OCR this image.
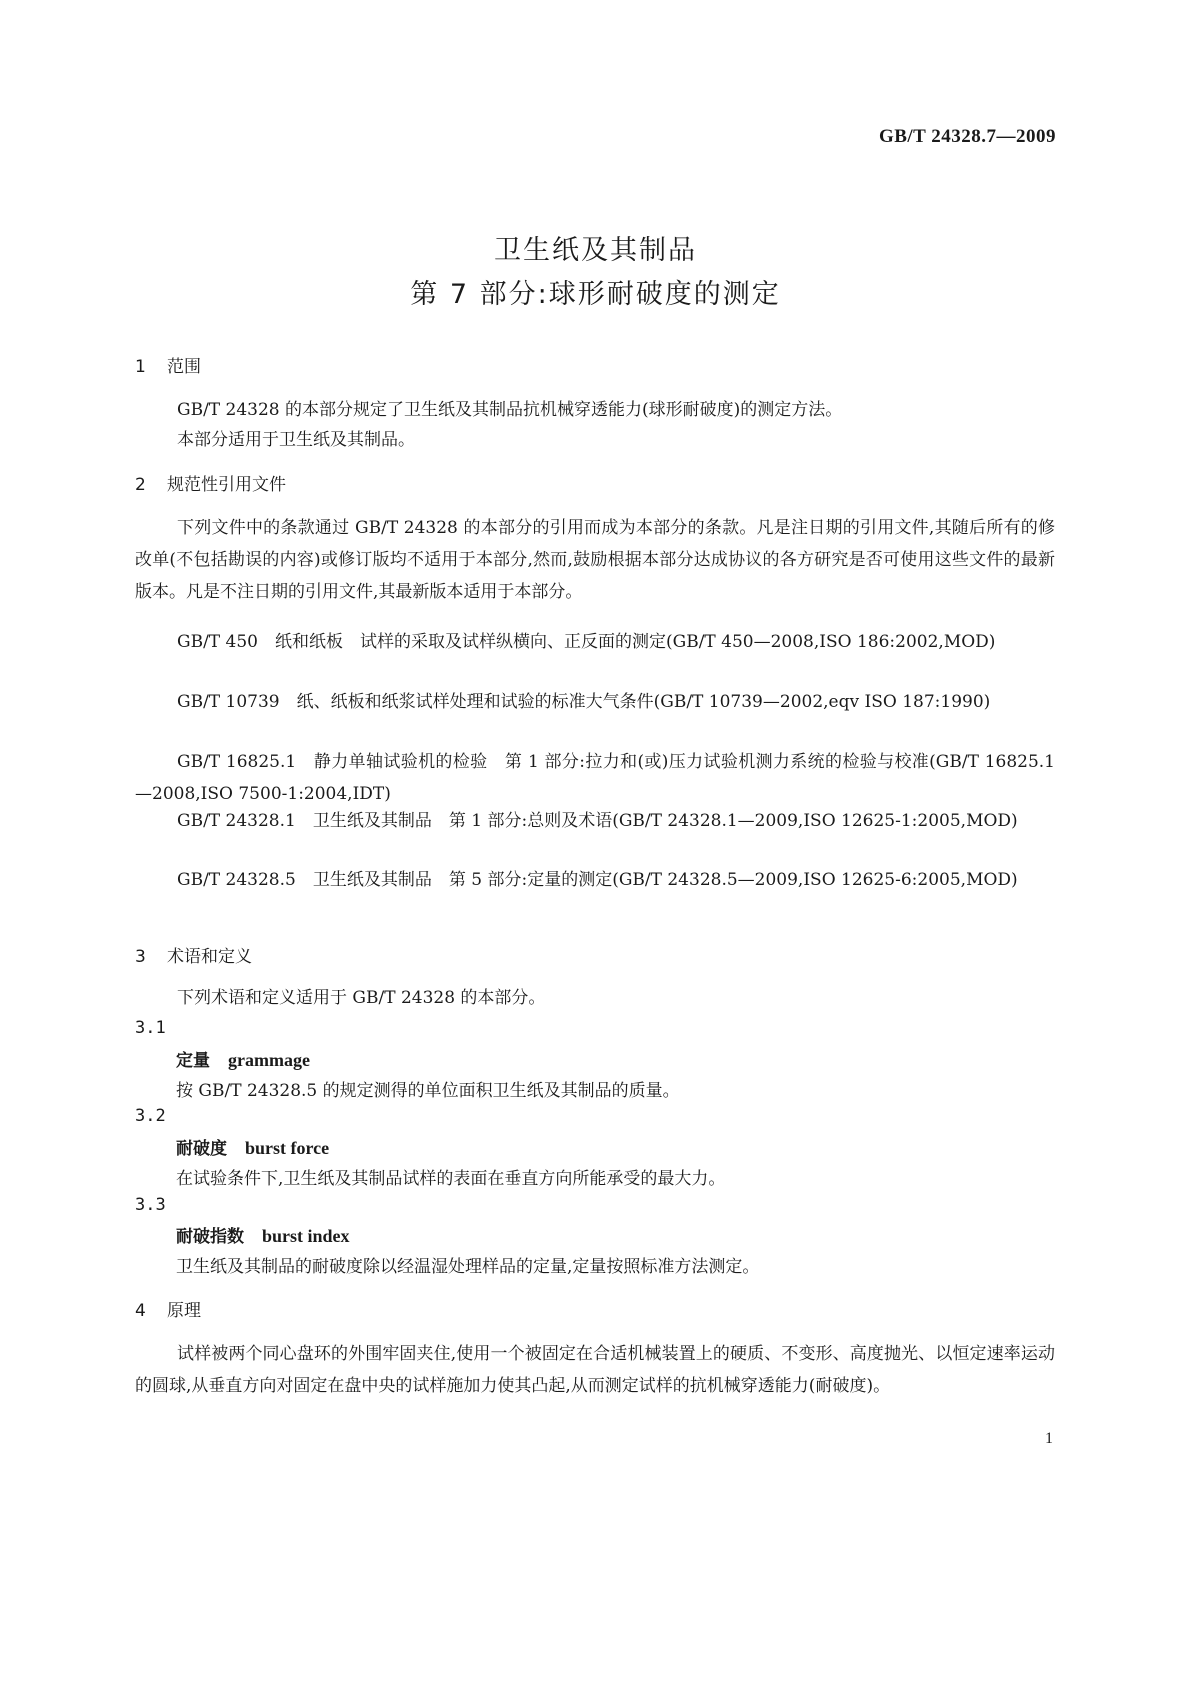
GB/T 24328.7—2009
卫生纸及其制品
第 7 部分:球形耐破度的测定
1 范围

GB/T 24328 的本部分规定了卫生纸及其制品抗机械穿透能力(球形耐破度)的测定方法。

本部分适用于卫生纸及其制品。

2 规范性引用文件

下列文件中的条款通过 GB/T 24328 的本部分的引用而成为本部分的条款。凡是注日期的引用文件,其随后所有的修改单(不包括勘误的内容)或修订版均不适用于本部分,然而,鼓励根据本部分达成协议的各方研究是否可使用这些文件的最新版本。凡是不注日期的引用文件,其最新版本适用于本部分。

GB/T 450　纸和纸板　试样的采取及试样纵横向、正反面的测定(GB/T 450—2008,ISO 186:2002,MOD)

GB/T 10739　纸、纸板和纸浆试样处理和试验的标准大气条件(GB/T 10739—2002,eqv ISO 187:1990)

GB/T 16825.1　静力单轴试验机的检验　第 1 部分:拉力和(或)压力试验机测力系统的检验与校准(GB/T 16825.1—2008,ISO 7500-1:2004,IDT)

GB/T 24328.1　卫生纸及其制品　第 1 部分:总则及术语(GB/T 24328.1—2009,ISO 12625-1:2005,MOD)

GB/T 24328.5　卫生纸及其制品　第 5 部分:定量的测定(GB/T 24328.5—2009,ISO 12625-6:2005,MOD)

3 术语和定义

下列术语和定义适用于 GB/T 24328 的本部分。

3.1
定量 grammage
按 GB/T 24328.5 的规定测得的单位面积卫生纸及其制品的质量。
3.2
耐破度 burst force
在试验条件下,卫生纸及其制品试样的表面在垂直方向所能承受的最大力。
3.3
耐破指数 burst index
卫生纸及其制品的耐破度除以经温湿处理样品的定量,定量按照标准方法测定。
4 原理

试样被两个同心盘环的外围牢固夹住,使用一个被固定在合适机械装置上的硬质、不变形、高度抛光、以恒定速率运动的圆球,从垂直方向对固定在盘中央的试样施加力使其凸起,从而测定试样的抗机械穿透能力(耐破度)。

1
